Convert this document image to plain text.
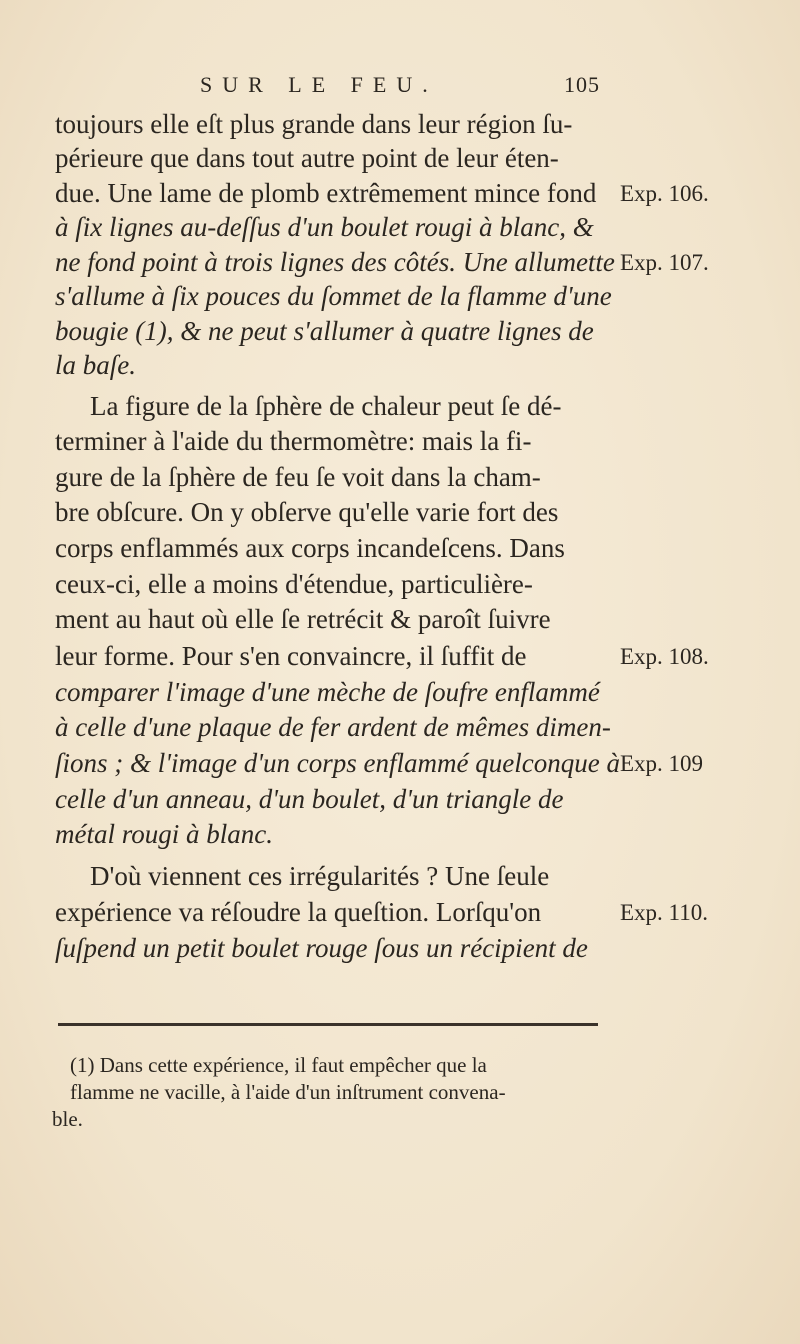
SUR LE FEU.	105
toujours elle eſt plus grande dans leur région ſu-
périeure que dans tout autre point de leur éten-
due. Une lame de plomb extrêmement mince fond
à ſix lignes au-deſſus d'un boulet rougi à blanc, &
ne fond point à trois lignes des côtés. Une allumette
s'allume à ſix pouces du ſommet de la flamme d'une
bougie (1), & ne peut s'allumer à quatre lignes de
la baſe.
La figure de la ſphère de chaleur peut ſe dé-
terminer à l'aide du thermomètre: mais la fi-
gure de la ſphère de feu ſe voit dans la cham-
bre obſcure. On y obſerve qu'elle varie fort des
corps enflammés aux corps incandeſcens. Dans
ceux-ci, elle a moins d'étendue, particulière-
ment au haut où elle ſe retrécit & paroît ſuivre
leur forme. Pour s'en convaincre, il ſuffit de
comparer l'image d'une mèche de ſoufre enflammé
à celle d'une plaque de fer ardent de mêmes dimen-
ſions ; & l'image d'un corps enflammé quelconque à
celle d'un anneau, d'un boulet, d'un triangle de
métal rougi à blanc.
D'où viennent ces irrégularités ? Une ſeule
expérience va réſoudre la queſtion. Lorſqu'on
ſuſpend un petit boulet rouge ſous un récipient de
Exp. 106.
Exp. 107.
Exp. 108.
Exp. 109
Exp. 110.
(1) Dans cette expérience, il faut empêcher que la
flamme ne vacille, à l'aide d'un inſtrument convena-
ble.
